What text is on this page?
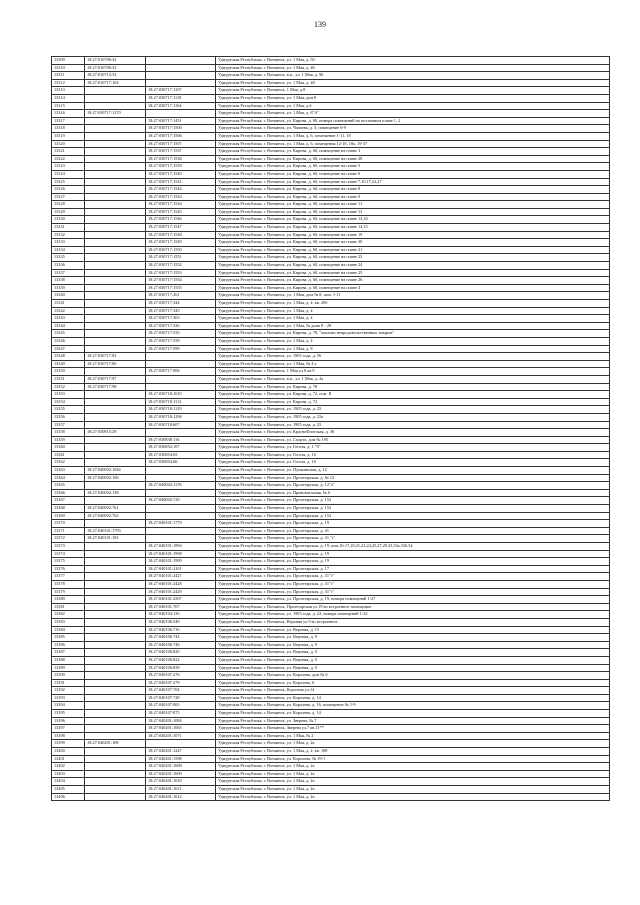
139
13309	18:27:010706:32		Удмуртская Республика, г. Воткинск, ул. 1 Мая, д. 50
13310	18:27:010706:33		Удмуртская Республика, г. Воткинск, ул. 1 Мая, д. 46
13311	18:27:010713:52		Удмуртская Республика, г. Воткинск, в.п., ул. 1 Мая, д. 96
13312	18:27:010717:104		Удмуртская Республика, г. Воткинск, ул. 1 Мая, д. 48
13313		18:27:030717:1107	Удмуртская Республика, г. Воткинск, 1 Мая, д.8
13314		18:27:030717:1118	Удмуртская Республика, г. Воткинск, ул. 1 Мая, дом 8
13315		18:27:030717:1164	Удмуртская Республика, г. Воткинск, ул. 1 Мая, д.4
13316	18:27:030717:1270		Удмуртская Республика, г. Воткинск, ул. 1 Мая, д. 6"А"
13317		18:27:030717:1451	Удмуртская Республика, г. Воткинск, ул. Кирова, д. 60, номера помещений на поэтажном плане 1, 2
13318		18:27:030717:1500	Удмуртская Республика, г. Воткинск, ул. Чапаева, д. 3, помещение 6-9
13319		18:27:030717:1506	Удмуртская Республика, г. Воткинск, ул. 1 Мая, д. 6, помещение 1-11, 18
13320		18:27:030717:1507	Удмуртская Республика, г. Воткинск, ул. 1 Мая, д. 6, помещения 12-18, 18а, 19-37
13321		18:27:030717:1537	Удмуртская Республика, г. Воткинск, ул. Кирова, д. 60, помещение на плане 3
13322		18:27:030717:1538	Удмуртская Республика, г. Воткинск, ул. Кирова, д. 60, помещение на плане 28
13323		18:27:030717:1539	Удмуртская Республика, г. Воткинск, ул. Кирова, д. 60, помещение на плане 5
13324		18:27:030717:1540	Удмуртская Республика, г. Воткинск, ул. Кирова, д. 60, помещение на плане 6
13325		18:27:030717:1541	Удмуртская Республика, г. Воткинск, ул. Кирова, д. 60, помещение на плане 7,10,17,22,27
13326		18:27:030717:1542	Удмуртская Республика, г. Воткинск, ул. Кирова, д. 60, помещение на плане 8
13327		18:27:030717:1543	Удмуртская Республика, г. Воткинск, ул. Кирова, д. 60, помещение на плане 9
13328		18:27:030717:1544	Удмуртская Республика, г. Воткинск, ул. Кирова, д. 60, помещение на плане 11
13329		18:27:030717:1545	Удмуртская Республика, г. Воткинск, ул. Кирова, д. 60, помещение на плане 12
13330		18:27:030717:1546	Удмуртская Республика, г. Воткинск, ул. Кирова, д. 60, помещение на плане 13,16
13331		18:27:030717:1547	Удмуртская Республика, г. Воткинск, ул. Кирова, д. 60, помещение на плане 14,15
13332		18:27:030717:1548	Удмуртская Республика, г. Воткинск, ул. Кирова, д. 60, помещение на плане 19
13333		18:27:030717:1549	Удмуртская Республика, г. Воткинск, ул. Кирова, д. 60, помещение на плане 20
13334		18:27:030717:1550	Удмуртская Республика, г. Воткинск, ул. Кирова, д. 60, помещение на плане 21
13335		18:27:030717:1551	Удмуртская Республика, г. Воткинск, ул. Кирова, д. 60, помещение на плане 23
13336		18:27:030717:1552	Удмуртская Республика, г. Воткинск, ул. Кирова, д. 60, помещение на плане 24
13337		18:27:030717:1553	Удмуртская Республика, г. Воткинск, ул. Кирова, д. 60, помещение на плане 25
13338		18:27:030717:1554	Удмуртская Республика, г. Воткинск, ул. Кирова, д. 60, помещение на плане 26
13339		18:27:030717:1555	Удмуртская Республика, г. Воткинск, ул. Кирова, д. 60, помещение на плане 4
13340		18:27:030717:261	Удмуртская Республика, г. Воткинск, ул. 1 Мая, дом № 8, пом. 1-11
13341		18:27:030717:344	Удмуртская Республика, г. Воткинск, ул. 1 Мая, д. 4, кв. 20б
13342		18:27:030717:345	Удмуртская Республика, г. Воткинск, ул. 1 Мая, д. 4
13343		18:27:030717:363	Удмуртская Республика, г. Воткинск, ул. 1 Мая, д. 4
13344		18:27:030717:526	Удмуртская Республика, г. Воткинск, ул. 1 Мая, № дома 8 - 28
13345		18:27:030717:535	Удмуртская Республика, г. Воткинск, ул. Кирова, д. 78, "магазин непродовольственных товаров"
13346		18:27:030717:558	Удмуртская Республика, г. Воткинск, ул. 1 Мая, д. 4
13347		18:27:030717:599	Удмуртская Республика, г. Воткинск, ул. 1 Мая, д. 8
13348	18:27:030717:83		Удмуртская Республика, г. Воткинск, ул. 1905 года, д. 56
13349	18:27:030717:86		Удмуртская Республика, г. Воткинск, ул. 1 Мая, № 4 а
13350		18:27:030717:906	Удмуртская Республика, г. Воткинск, 1 Мая ул.8 кв.9
13351	18:27:030717:97		Удмуртская Республика, г. Воткинск, в.п., ул. 1 Мая, д. 4а
13352	18:27:030717:98		Удмуртская Республика, г. Воткинск, ул. Кирова, д. 78
13353		18:27:030718:1010	Удмуртская Республика, г. Воткинск, ул. Кирова, д. 72, пом. II
13354		18:27:030718:1112	Удмуртская Республика, г. Воткинск, ул. Кирова, д. 72
13355		18:27:030718:1129	Удмуртская Республика, г. Воткинск, ул. 1905 года, д. 25
13356		18:27:030718:1296	Удмуртская Республика, г. Воткинск, ул. 1905 года, д. 25а
13357		18:27:030718:607	Удмуртская Республика, г. Воткинск, ул. 1905 года, д. 25
13358	18:27:030815:29		Удмуртская Республика, г. Воткинск, ул. КрасноФлотская, д. 36
13359		18:27:030838:116	Удмуртская Республика, г. Воткинск, ул. Спорта, дом № 195
13360		18:27:030852:107	Удмуртская Республика, г. Воткинск, ул. Гоголя, д. 1 "б"
13361		18:27:030854:65	Удмуртская Республика, г. Воткинск, ул. Гоголя, д. 16
13362		18:27:030854:66	Удмуртская Республика, г. Воткинск, ул. Гоголя, д. 16
13363	18:27:040002:1044		Удмуртская Республика, г. Воткинск, ул. Пушкинская, д. 12
13364	18:27:040002:106		Удмуртская Республика, г. Воткинск, ул. Пролетарская, д. № 12
13365		18:27:040002:1176	Удмуртская Республика, г. Воткинск, ул. Пролетарская, д. 12"а"
13366	18:27:040002:138		Удмуртская Республика, г. Воткинск, ул. Привокзальная, № 6
13367		18:27:040002:729	Удмуртская Республика, г. Воткинск, ул. Пролетарская, д. 152
13368	18:27:040002:761		Удмуртская Республика, г. Воткинск, ул. Пролетарская, д. 152
13369	18:27:040002:762		Удмуртская Республика, г. Воткинск, ул. Пролетарская, д. 152
13370		18:27:040101:1779	Удмуртская Республика, г. Воткинск, ул. Пролетарская, д. 19
13371	18:27:040101:1793		Удмуртская Республика, г. Воткинск, ул. Пролетарская, д. 41
13372	18:27:040101:181		Удмуртская Республика, г. Воткинск, ул. Пролетарская, д. 31 "г"
13373		18:27:040101:1994	Удмуртская Республика, г. Воткинск, ул. Пролетарская, д. 19, пом.16-17,20,21,23,24,25,27,29,33,33а,33б,34
13374		18:27:040101:1998	Удмуртская Республика, г. Воткинск, ул. Пролетарская, д. 19
13375		18:27:040101:1999	Удмуртская Республика, г. Воткинск, ул. Пролетарская, д. 19
13376		18:27:040101:2101	Удмуртская Республика, г. Воткинск, ул. Пролетарская, д. 17
13377		18:27:040101:2427	Удмуртская Республика, г. Воткинск, ул. Пролетарская, д. 31"г"
13378		18:27:040101:2428	Удмуртская Республика, г. Воткинск, ул. Пролетарская, д. 31"г"
13379		18:27:040101:2429	Удмуртская Республика, г. Воткинск, ул. Пролетарская, д. 31"г"
13380		18:27:040101:2507	Удмуртская Республика, г. Воткинск, ул. Пролетарская, д. 19, номера помещений 1-27
13381		18:27:040101:707	Удмуртская Республика, г. Воткинск, Пролетарская ул.19 во встроенное помещение
13382		18:27:040104:130	Удмуртская Республика, г. Воткинск, ул. 1905 года, д. 22, номера помещений 1-22
13383		18:27:040106:549	Удмуртская Республика, г. Воткинск, Верхняя ул.9 во встроенное
13384		18:27:040106:716	Удмуртская Республика, г. Воткинск, ул. Верхняя, д. 15
13385		18:27:040106:744	Удмуртская Республика, г. Воткинск, ул. Верхняя, д. 9
13386		18:27:040106:746	Удмуртская Республика, г. Воткинск, ул. Верхняя, д. 9
13387		18:27:040106:820	Удмуртская Республика, г. Воткинск, ул. Верхняя, д. 9
13388		18:27:040106:822	Удмуртская Республика, г. Воткинск, ул. Верхняя, д. 9
13389		18:27:040106:839	Удмуртская Республика, г. Воткинск, ул. Верхняя, д. 9
13390		18:27:040107:276	Удмуртская Республика, г. Воткинск, ул. Королева, дом № 6
13391		18:27:040107:279	Удмуртская Республика, г. Воткинск, ул. Королева, 6
13392		18:27:040107:704	Удмуртская Республика, г. Воткинск, Королева ул.14
13393		18:27:040107:728	Удмуртская Республика, г. Воткинск, ул. Королева, д. 14
13394		18:27:040107:865	Удмуртская Республика, г. Воткинск, ул. Королева, д. 16, помещение № 1-9
13395		18:27:040107:875	Удмуртская Республика, г. Воткинск, ул. Королева, д. 14
13396		18:27:040201:1084	Удмуртская Республика, г. Воткинск, ул. Зверева, № 7
13397		18:27:040201:1065	Удмуртская Республика, г. Воткинск, Зверева ул.7 кв.11**
13398		18:27:040201:1071	Удмуртская Республика, г. Воткинск, ул. 1 Мая, № 2
13399	18:27:040201:108		Удмуртская Республика, г. Воткинск, ул. 1 Мая, д. 2а
13400		18:27:040201:1247	Удмуртская Республика, г. Воткинск, ул. 1 Мая, д. 2, кв. 108
13401		18:27:040201:1598	Удмуртская Республика, г. Воткинск, ул. Королева, № 19-1
13402		18:27:040201:1608	Удмуртская Республика, г. Воткинск, ул. 1 Мая, д. 2а
13403		18:27:040201:1609	Удмуртская Республика, г. Воткинск, ул. 1 Мая, д. 2а
13404		18:27:040201:1610	Удмуртская Республика, г. Воткинск, ул. 1 Мая, д. 2а
13405		18:27:040201:1611	Удмуртская Республика, г. Воткинск, ул. 1 Мая, д. 2а
13406		18:27:040201:1612	Удмуртская Республика, г. Воткинск, ул. 1 Мая, д. 2а
